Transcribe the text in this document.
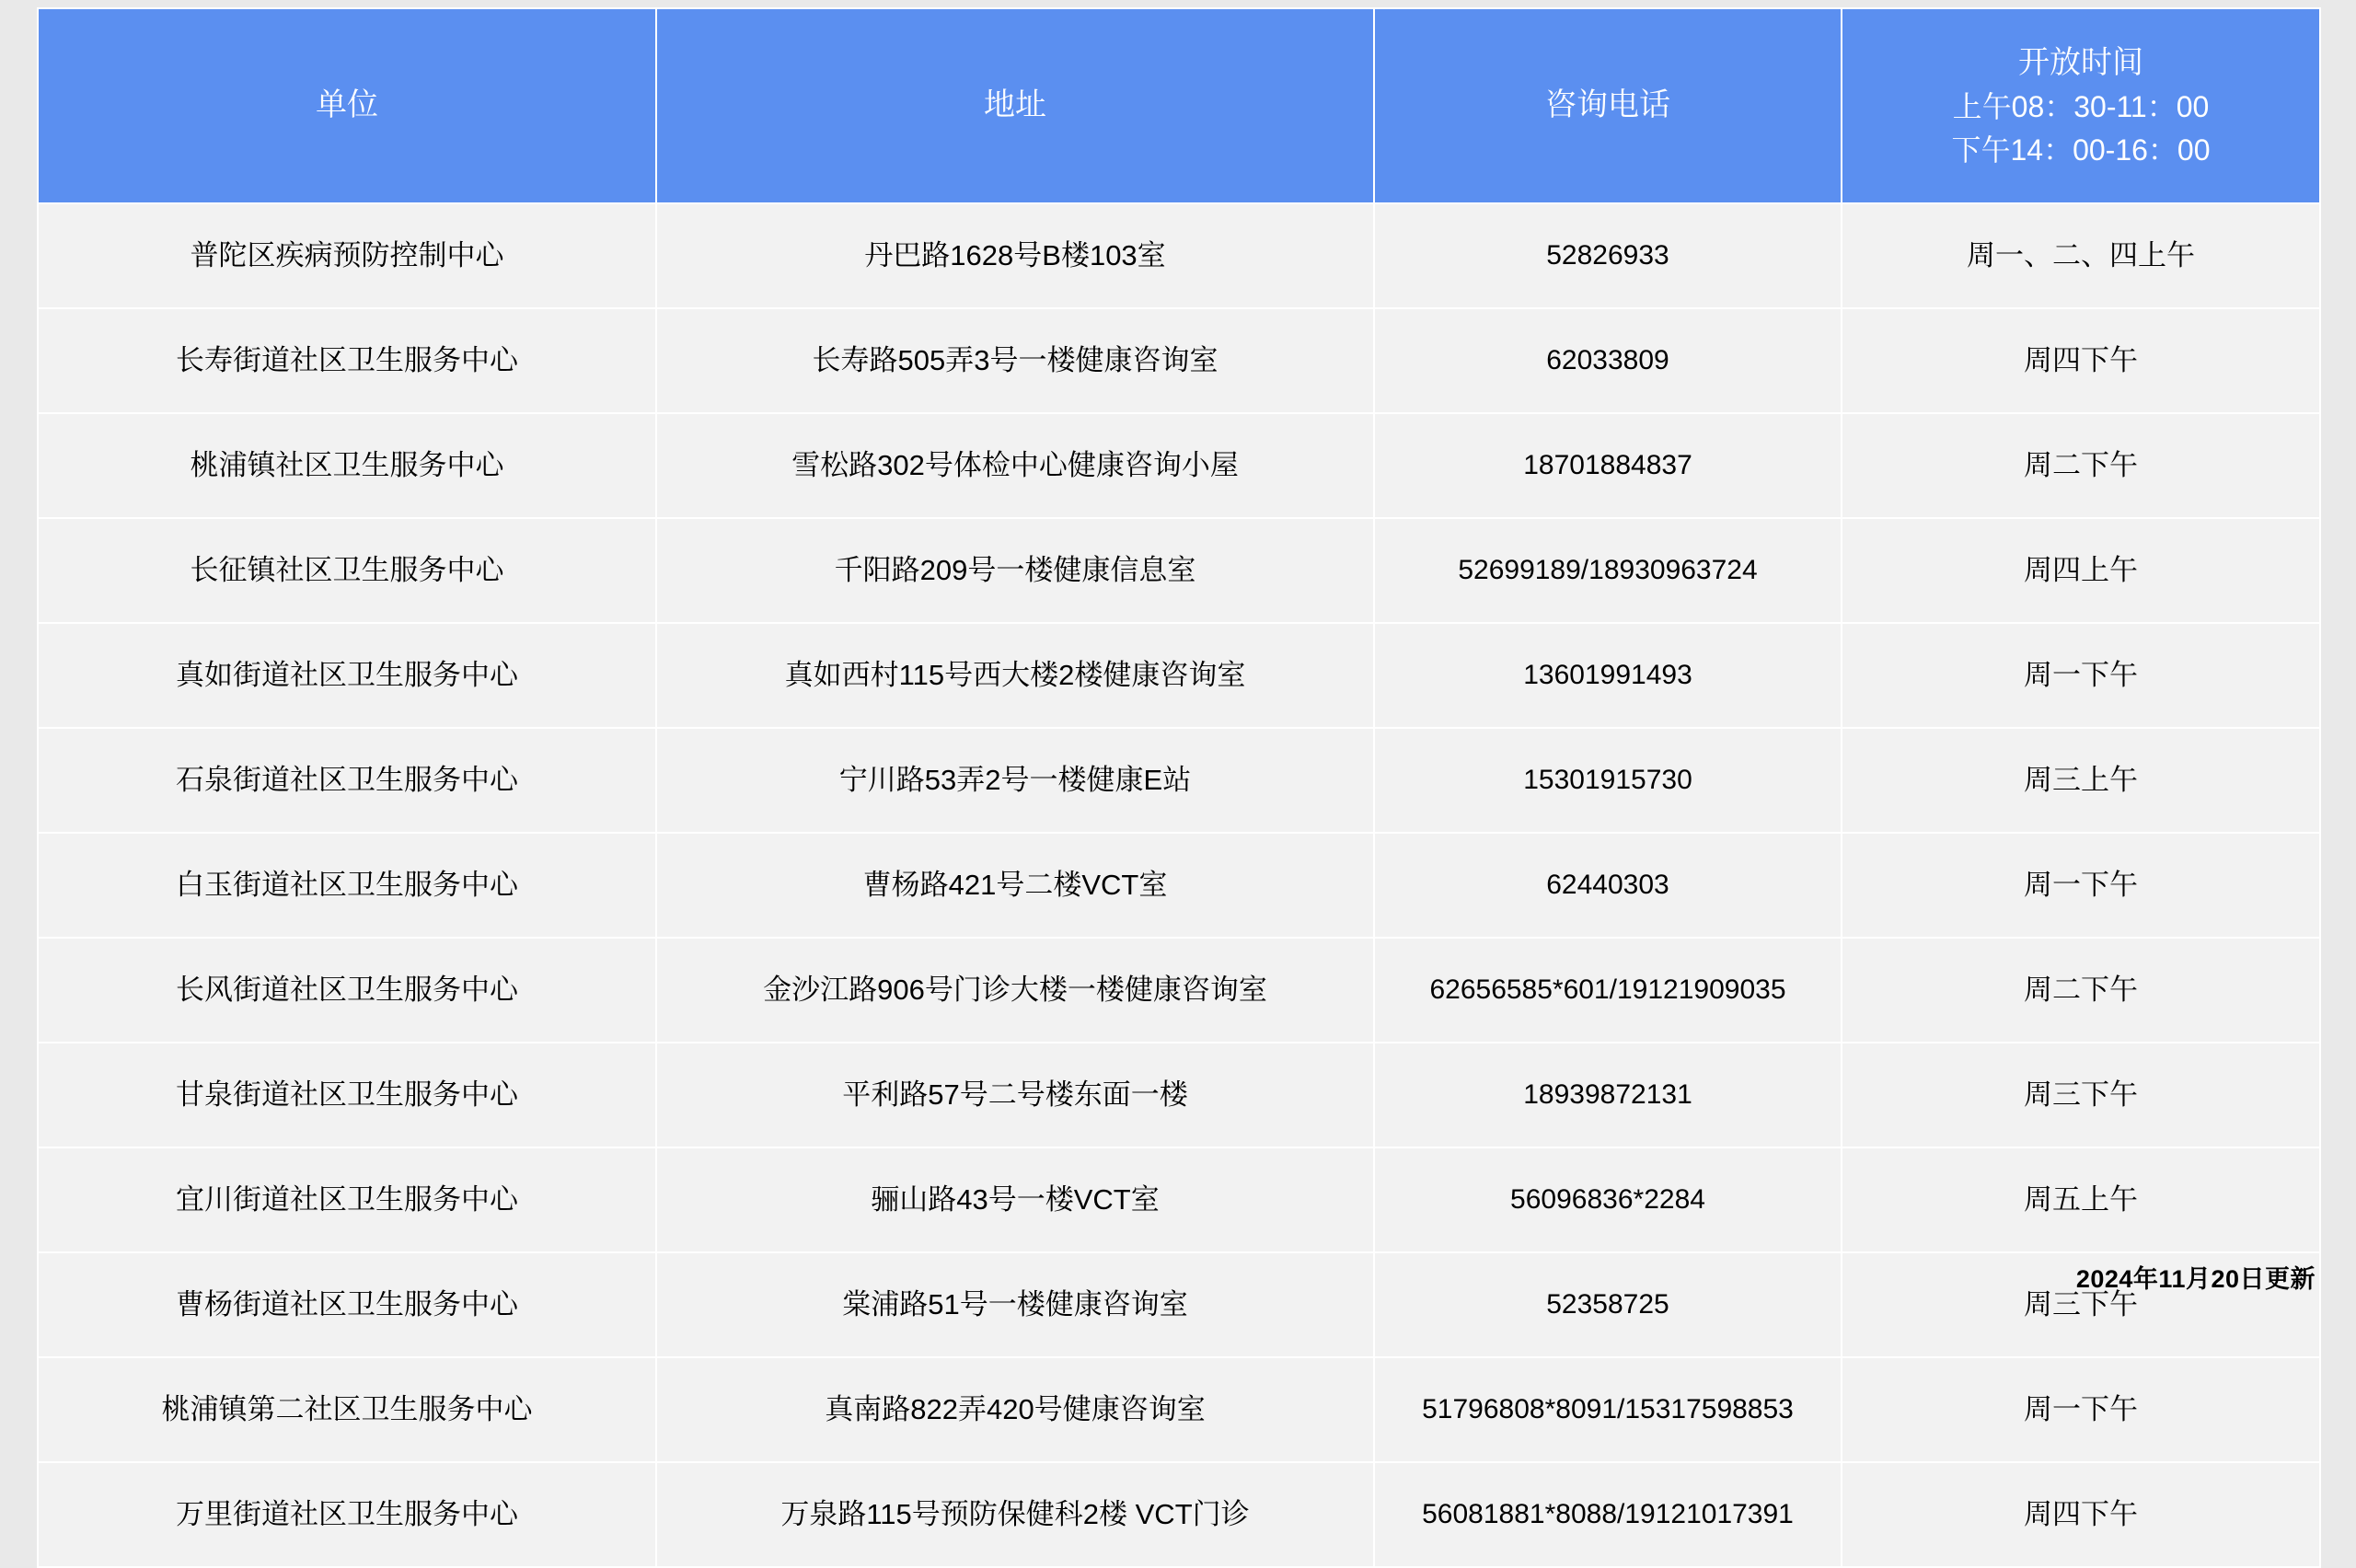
单位	地址	咨询电话	开放时间
上午08：30-11：00
下午14：00-16：00

普陀区疾病预防控制中心	丹巴路1628号B楼103室	52826933	周一、二、四上午
长寿街道社区卫生服务中心	长寿路505弄3号一楼健康咨询室	62033809	周四下午
桃浦镇社区卫生服务中心	雪松路302号体检中心健康咨询小屋	18701884837	周二下午
长征镇社区卫生服务中心	千阳路209号一楼健康信息室	52699189/18930963724	周四上午
真如街道社区卫生服务中心	真如西村115号西大楼2楼健康咨询室	13601991493	周一下午
石泉街道社区卫生服务中心	宁川路53弄2号一楼健康E站	15301915730	周三上午
白玉街道社区卫生服务中心	曹杨路421号二楼VCT室	62440303	周一下午
长风街道社区卫生服务中心	金沙江路906号门诊大楼一楼健康咨询室	62656585*601/19121909035	周二下午
甘泉街道社区卫生服务中心	平利路57号二号楼东面一楼	18939872131	周三下午
宜川街道社区卫生服务中心	骊山路43号一楼VCT室	56096836*2284	周五上午
曹杨街道社区卫生服务中心	棠浦路51号一楼健康咨询室	52358725	周三下午
桃浦镇第二社区卫生服务中心	真南路822弄420号健康咨询室	51796808*8091/15317598853	周一下午
万里街道社区卫生服务中心	万泉路115号预防保健科2楼 VCT门诊	56081881*8088/19121017391	周四下午
2024年11月20日更新
